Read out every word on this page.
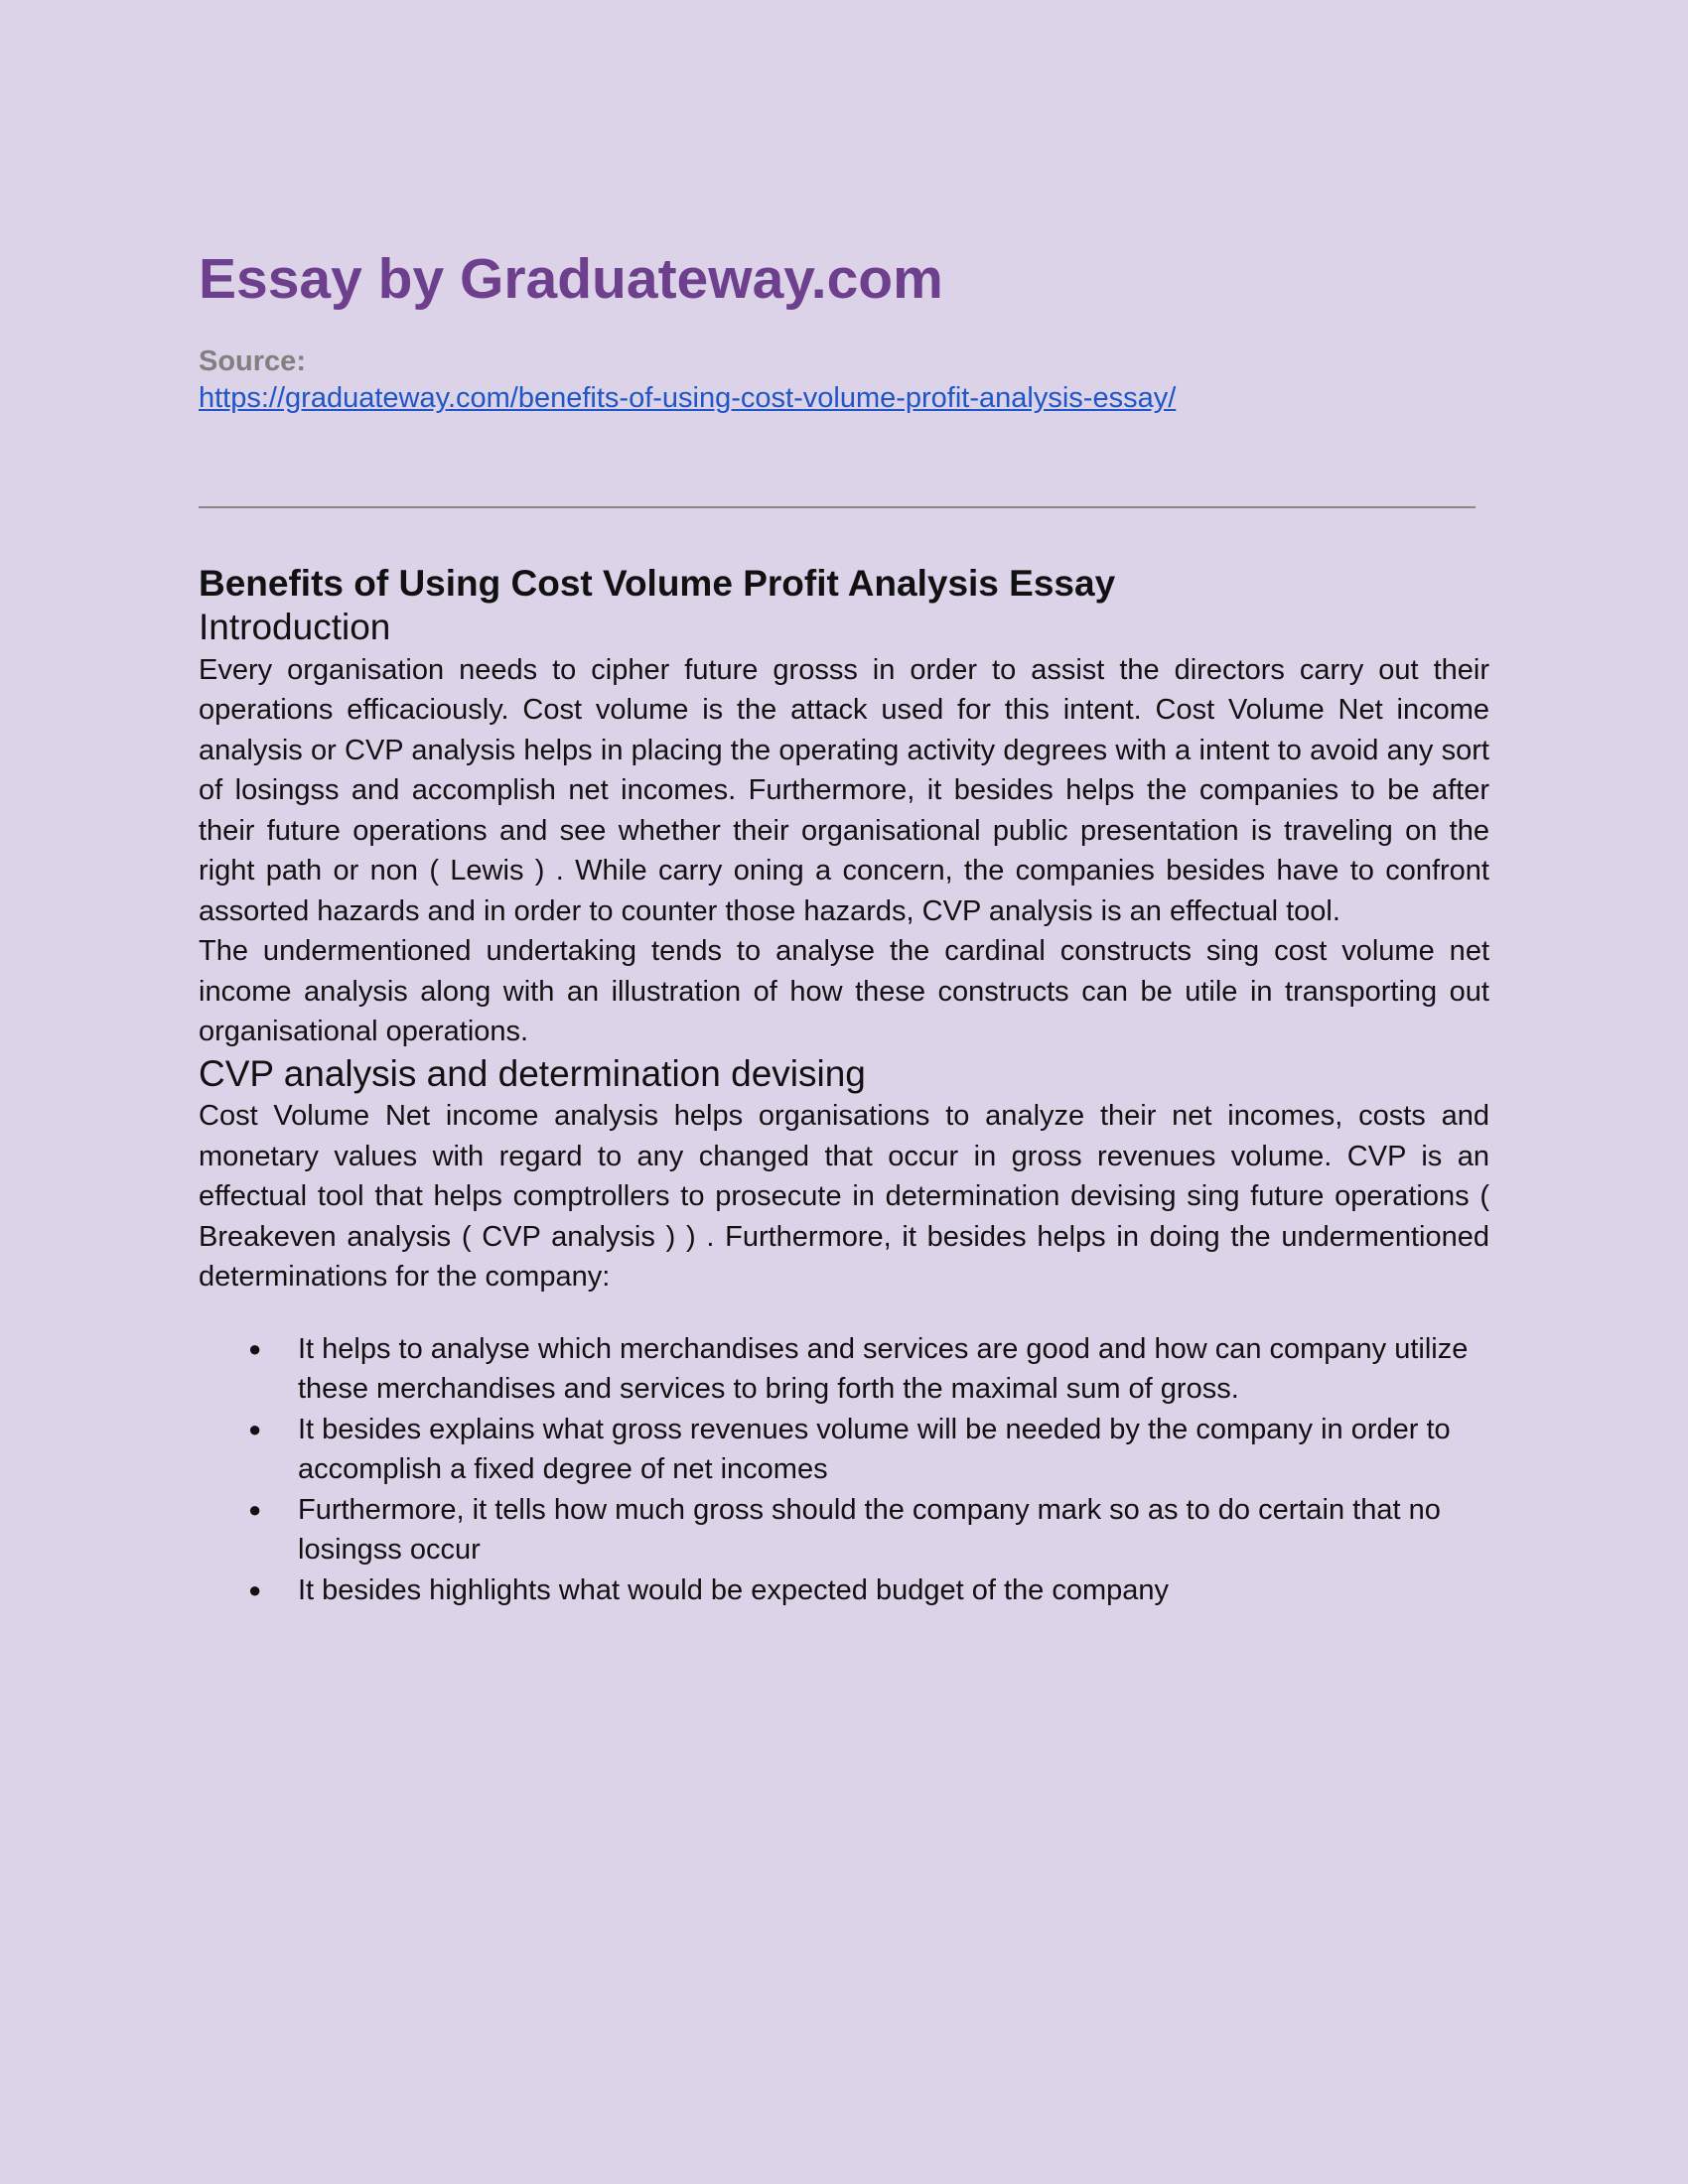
Essay by Graduateway.com
Source:
https://graduateway.com/benefits-of-using-cost-volume-profit-analysis-essay/
Benefits of Using Cost Volume Profit Analysis Essay
Introduction

Every organisation needs to cipher future grosss in order to assist the directors carry out their operations efficaciously. Cost volume is the attack used for this intent. Cost Volume Net income analysis or CVP analysis helps in placing the operating activity degrees with a intent to avoid any sort of losingss and accomplish net incomes. Furthermore, it besides helps the companies to be after their future operations and see whether their organisational public presentation is traveling on the right path or non ( Lewis ) . While carry oning a concern, the companies besides have to confront assorted hazards and in order to counter those hazards, CVP analysis is an effectual tool.

The undermentioned undertaking tends to analyse the cardinal constructs sing cost volume net income analysis along with an illustration of how these constructs can be utile in transporting out organisational operations.

CVP analysis and determination devising

Cost Volume Net income analysis helps organisations to analyze their net incomes, costs and monetary values with regard to any changed that occur in gross revenues volume. CVP is an effectual tool that helps comptrollers to prosecute in determination devising sing future operations ( Breakeven analysis ( CVP analysis ) ) . Furthermore, it besides helps in doing the undermentioned determinations for the company:

● It helps to analyse which merchandises and services are good and how can company utilize these merchandises and services to bring forth the maximal sum of gross.
● It besides explains what gross revenues volume will be needed by the company in order to accomplish a fixed degree of net incomes
● Furthermore, it tells how much gross should the company mark so as to do certain that no losingss occur
● It besides highlights what would be expected budget of the company
